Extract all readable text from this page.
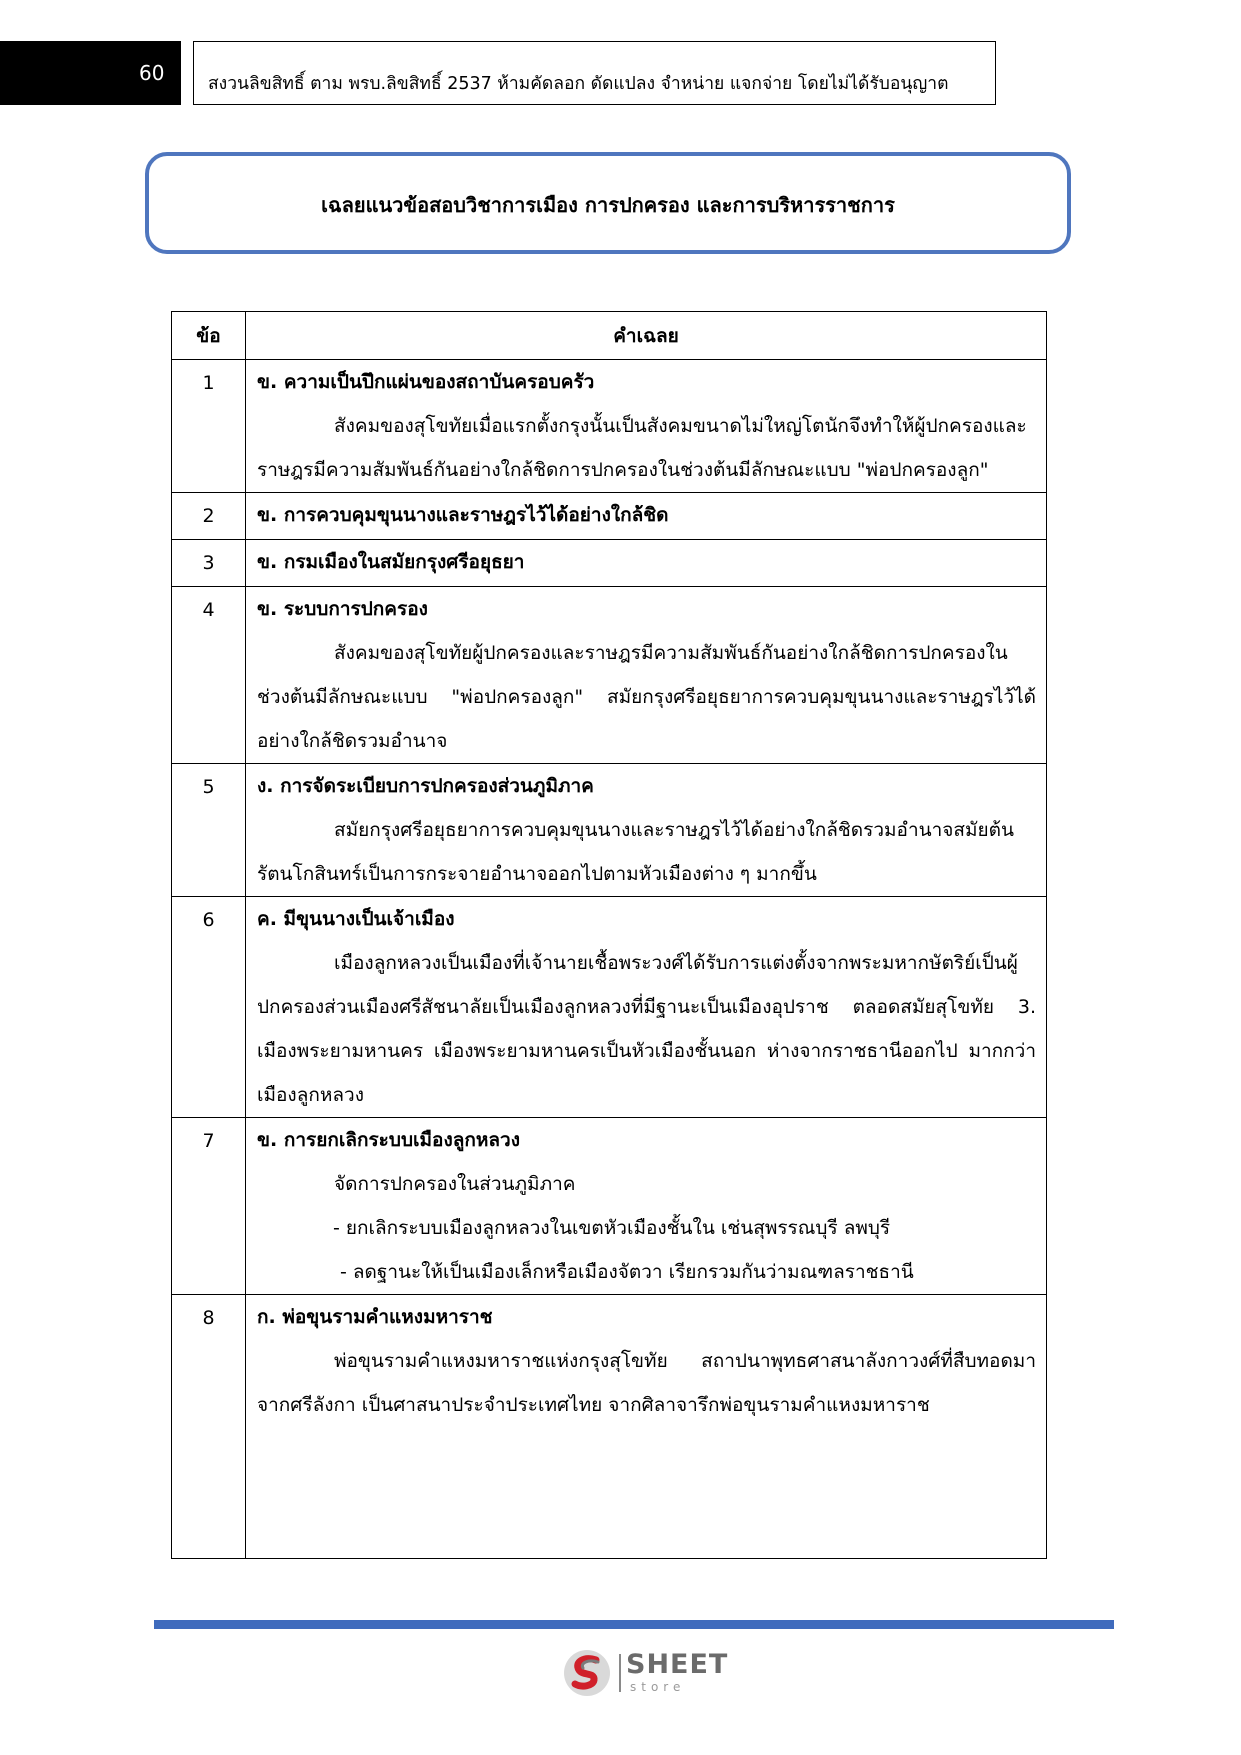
60 สงวนลิขสิทธิ์ ตาม พรบ.ลิขสิทธิ์ 2537 ห้ามคัดลอก ดัดแปลง จำหน่าย แจกจ่าย โดยไม่ได้รับอนุญาต
เฉลยแนวข้อสอบวิชาการเมือง การปกครอง และการบริหารราชการ
ข้อ	คำเฉลย
1	ข. ความเป็นปึกแผ่นของสถาบันครอบครัว
สังคมของสุโขทัยเมื่อแรกตั้งกรุงนั้นเป็นสังคมขนาดไม่ใหญ่โตนักจึงทำให้ผู้ปกครองและราษฎรมีความสัมพันธ์กันอย่างใกล้ชิดการปกครองในช่วงต้นมีลักษณะแบบ "พ่อปกครองลูก"

2	ข. การควบคุมขุนนางและราษฎรไว้ได้อย่างใกล้ชิด

3	ข. กรมเมืองในสมัยกรุงศรีอยุธยา

4	ข. ระบบการปกครอง
สังคมของสุโขทัยผู้ปกครองและราษฎรมีความสัมพันธ์กันอย่างใกล้ชิดการปกครองในช่วงต้นมีลักษณะแบบ "พ่อปกครองลูก" สมัยกรุงศรีอยุธยาการควบคุมขุนนางและราษฎรไว้ได้อย่างใกล้ชิดรวมอำนาจ

5	ง. การจัดระเบียบการปกครองส่วนภูมิภาค
สมัยกรุงศรีอยุธยาการควบคุมขุนนางและราษฎรไว้ได้อย่างใกล้ชิดรวมอำนาจสมัยต้นรัตนโกสินทร์เป็นการกระจายอำนาจออกไปตามหัวเมืองต่าง ๆ มากขึ้น

6	ค. มีขุนนางเป็นเจ้าเมือง
เมืองลูกหลวงเป็นเมืองที่เจ้านายเชื้อพระวงศ์ได้รับการแต่งตั้งจากพระมหากษัตริย์เป็นผู้ปกครองส่วนเมืองศรีสัชนาลัยเป็นเมืองลูกหลวงที่มีฐานะเป็นเมืองอุปราช ตลอดสมัยสุโขทัย 3. เมืองพระยามหานคร เมืองพระยามหานครเป็นหัวเมืองชั้นนอก ห่างจากราชธานีออกไป มากกว่าเมืองลูกหลวง

7	ข. การยกเลิกระบบเมืองลูกหลวง
จัดการปกครองในส่วนภูมิภาค
- ยกเลิกระบบเมืองลูกหลวงในเขตหัวเมืองชั้นใน เช่นสุพรรณบุรี ลพบุรี
- ลดฐานะให้เป็นเมืองเล็กหรือเมืองจัตวา เรียกรวมกันว่ามณฑลราชธานี

8	ก. พ่อขุนรามคำแหงมหาราช
พ่อขุนรามคำแหงมหาราชแห่งกรุงสุโขทัย สถาปนาพุทธศาสนาลังกาวงศ์ที่สืบทอดมาจากศรีลังกา เป็นศาสนาประจำประเทศไทย จากศิลาจารึกพ่อขุนรามคำแหงมหาราช
SHEET
store
